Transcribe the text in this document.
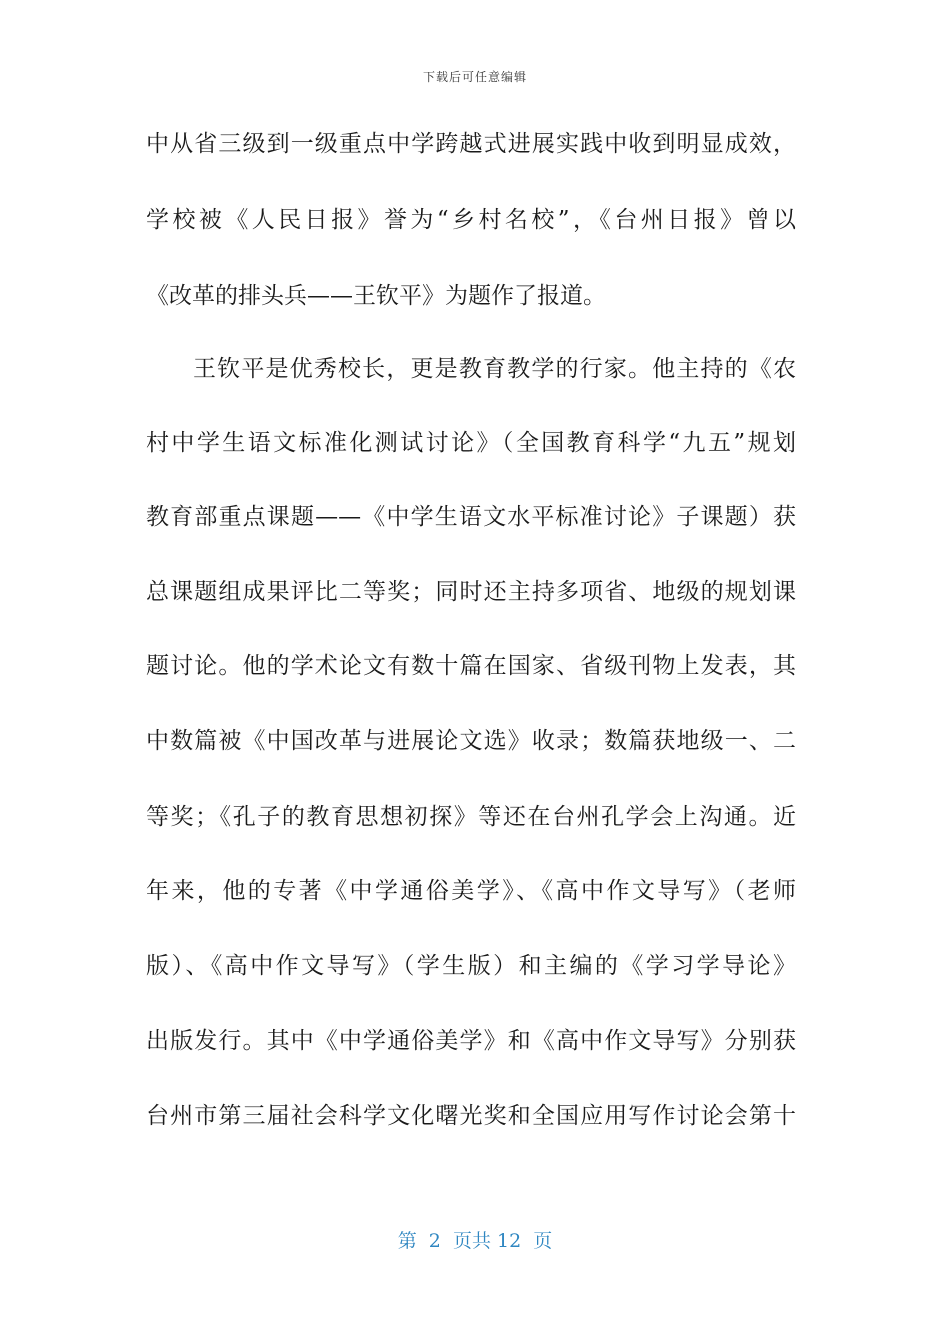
下载后可任意编辑
中从省三级到一级重点中学跨越式进展实践中收到明显成效，
学校被《人民日报》誉为“乡村名校”，《台州日报》曾以
《改革的排头兵——王钦平》为题作了报道。
王钦平是优秀校长，更是教育教学的行家。他主持的《农
村中学生语文标准化测试讨论》（全国教育科学“九五”规划
教育部重点课题——《中学生语文水平标准讨论》子课题）获
总课题组成果评比二等奖；同时还主持多项省、地级的规划课
题讨论。他的学术论文有数十篇在国家、省级刊物上发表，其
中数篇被《中国改革与进展论文选》收录；数篇获地级一、二
等奖；《孔子的教育思想初探》等还在台州孔学会上沟通。近
年来，他的专著《中学通俗美学》、《高中作文导写》（老师
版）、《高中作文导写》（学生版）和主编的《学习学导论》
出版发行。其中《中学通俗美学》和《高中作文导写》分别获
台州市第三届社会科学文化曙光奖和全国应用写作讨论会第十
第  2  页共 12  页
